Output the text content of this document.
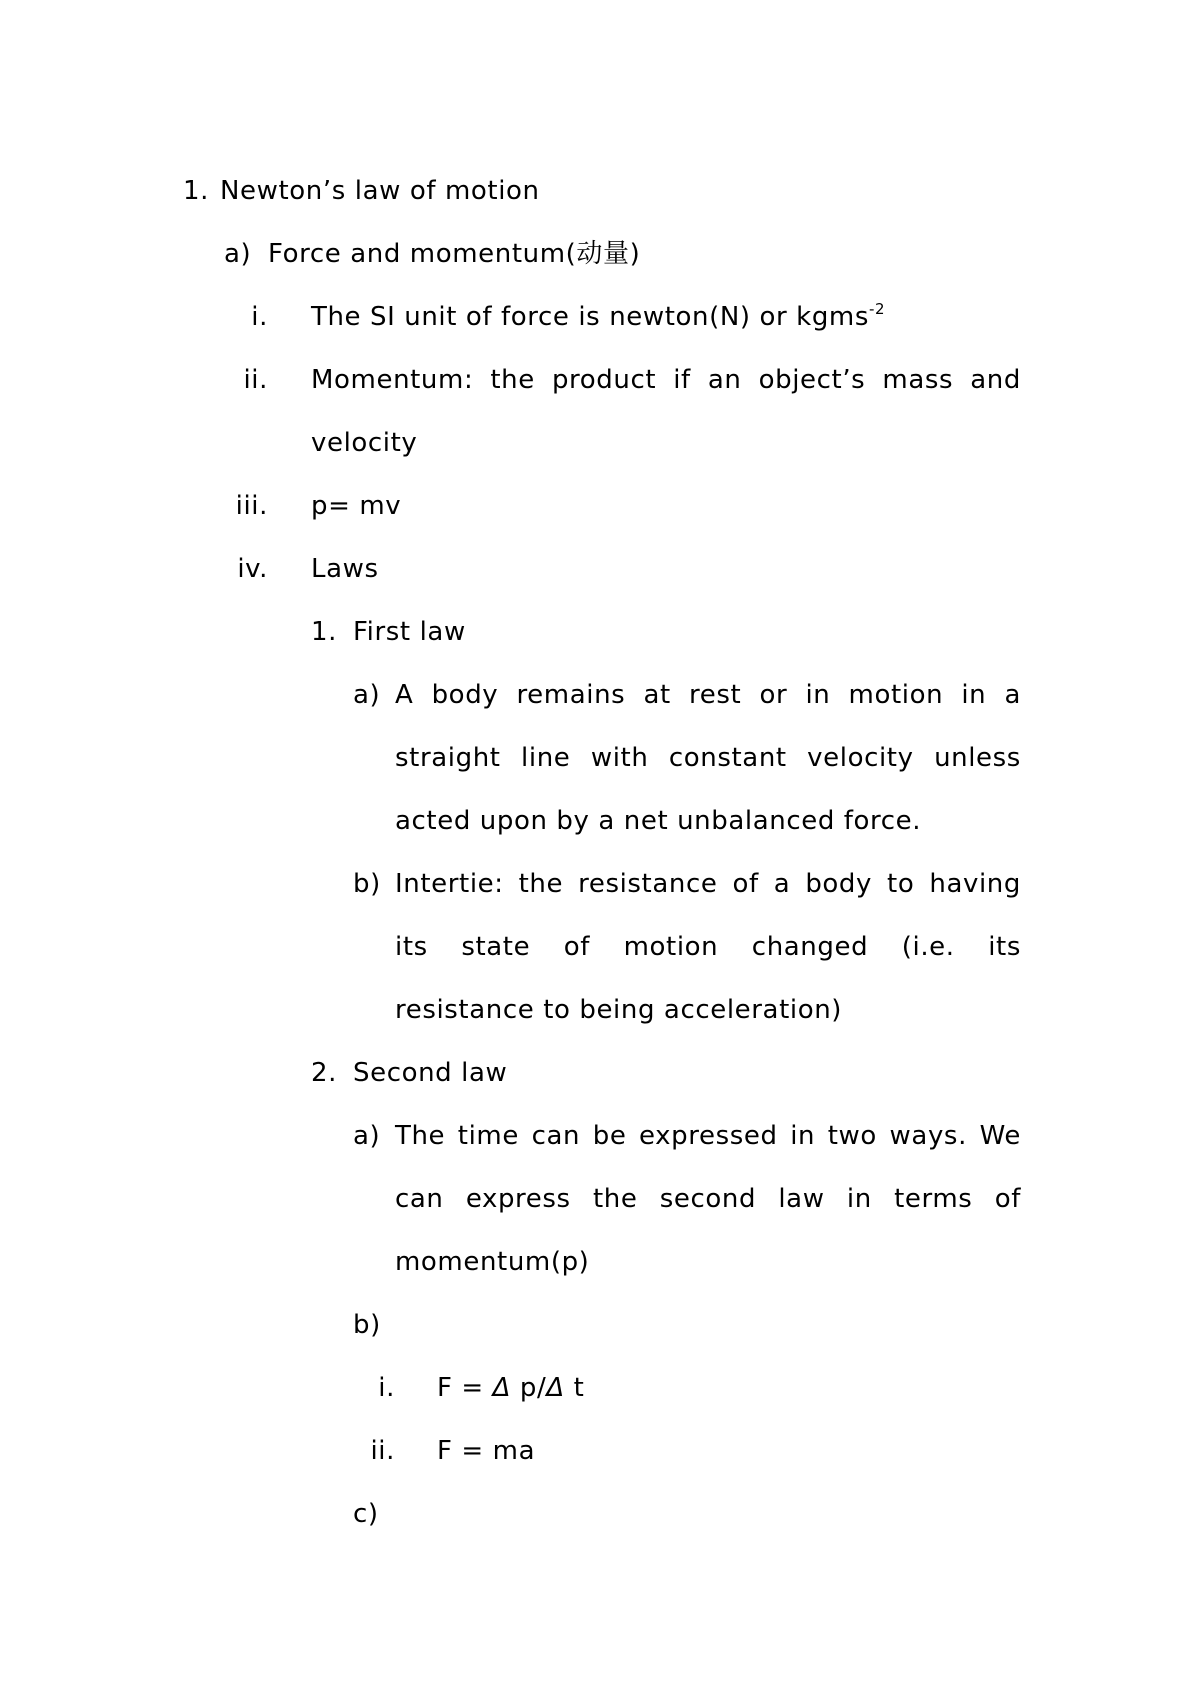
1. Newton’s law of motion
a) Force and momentum(动量)
i. The SI unit of force is newton(N) or kgms$^{-2}$
ii. Momentum: the product if an object’s mass and
velocity
iii. p= mv
iv. Laws
1. First law
a) A body remains at rest or in motion in a
straight line with constant velocity unless
acted upon by a net unbalanced force.
b) Intertie: the resistance of a body to having
its state of motion changed (i.e. its
resistance to being acceleration)
2. Second law
a) The time can be expressed in two ways. We
can express the second law in terms of
momentum(p)
b)
i. F = Δ p/Δ t
ii. F = ma
c)
